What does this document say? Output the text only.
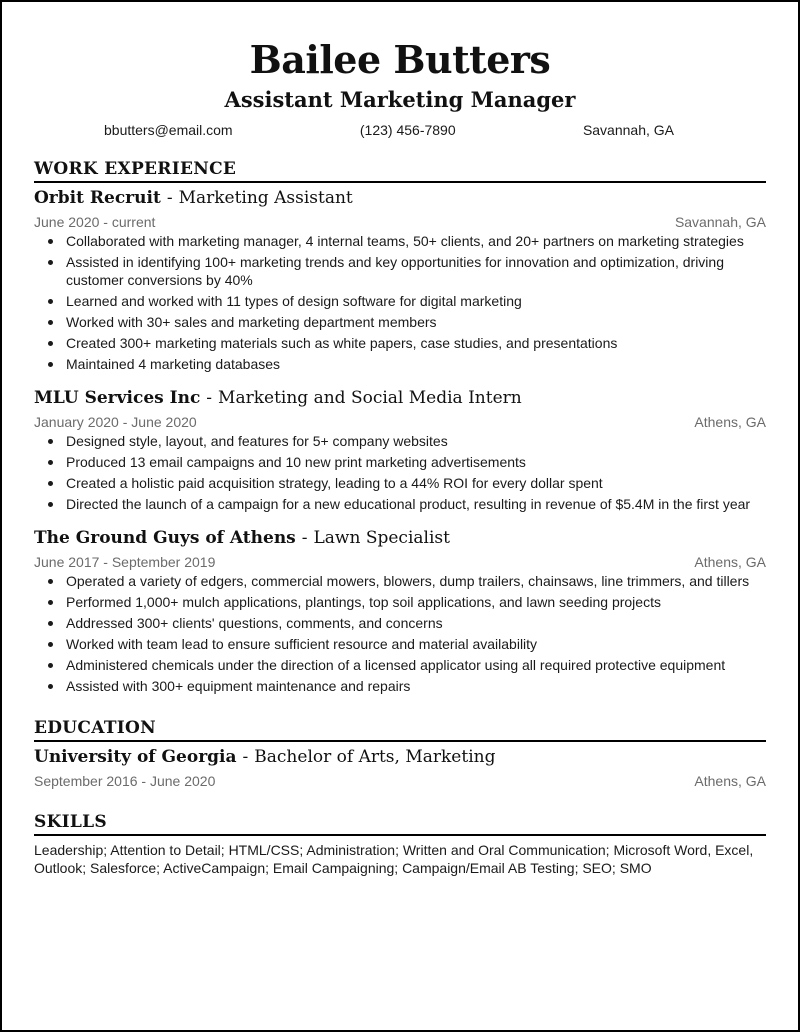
Bailee Butters
Assistant Marketing Manager
bbutters@email.com	(123) 456-7890	Savannah, GA
WORK EXPERIENCE
Orbit Recruit - Marketing Assistant
June 2020 - current	Savannah, GA
Collaborated with marketing manager, 4 internal teams, 50+ clients, and 20+ partners on marketing strategies
Assisted in identifying 100+ marketing trends and key opportunities for innovation and optimization, driving customer conversions by 40%
Learned and worked with 11 types of design software for digital marketing
Worked with 30+ sales and marketing department members
Created 300+ marketing materials such as white papers, case studies, and presentations
Maintained 4 marketing databases
MLU Services Inc - Marketing and Social Media Intern
January 2020 - June 2020	Athens, GA
Designed style, layout, and features for 5+ company websites
Produced 13 email campaigns and 10 new print marketing advertisements
Created a holistic paid acquisition strategy, leading to a 44% ROI for every dollar spent
Directed the launch of a campaign for a new educational product, resulting in revenue of $5.4M in the first year
The Ground Guys of Athens - Lawn Specialist
June 2017 - September 2019	Athens, GA
Operated a variety of edgers, commercial mowers, blowers, dump trailers, chainsaws, line trimmers, and tillers
Performed 1,000+ mulch applications, plantings, top soil applications, and lawn seeding projects
Addressed 300+ clients' questions, comments, and concerns
Worked with team lead to ensure sufficient resource and material availability
Administered chemicals under the direction of a licensed applicator using all required protective equipment
Assisted with 300+ equipment maintenance and repairs
EDUCATION
University of Georgia - Bachelor of Arts, Marketing
September 2016 - June 2020	Athens, GA
SKILLS
Leadership; Attention to Detail; HTML/CSS; Administration; Written and Oral Communication; Microsoft Word, Excel, Outlook; Salesforce; ActiveCampaign; Email Campaigning; Campaign/Email AB Testing; SEO; SMO
